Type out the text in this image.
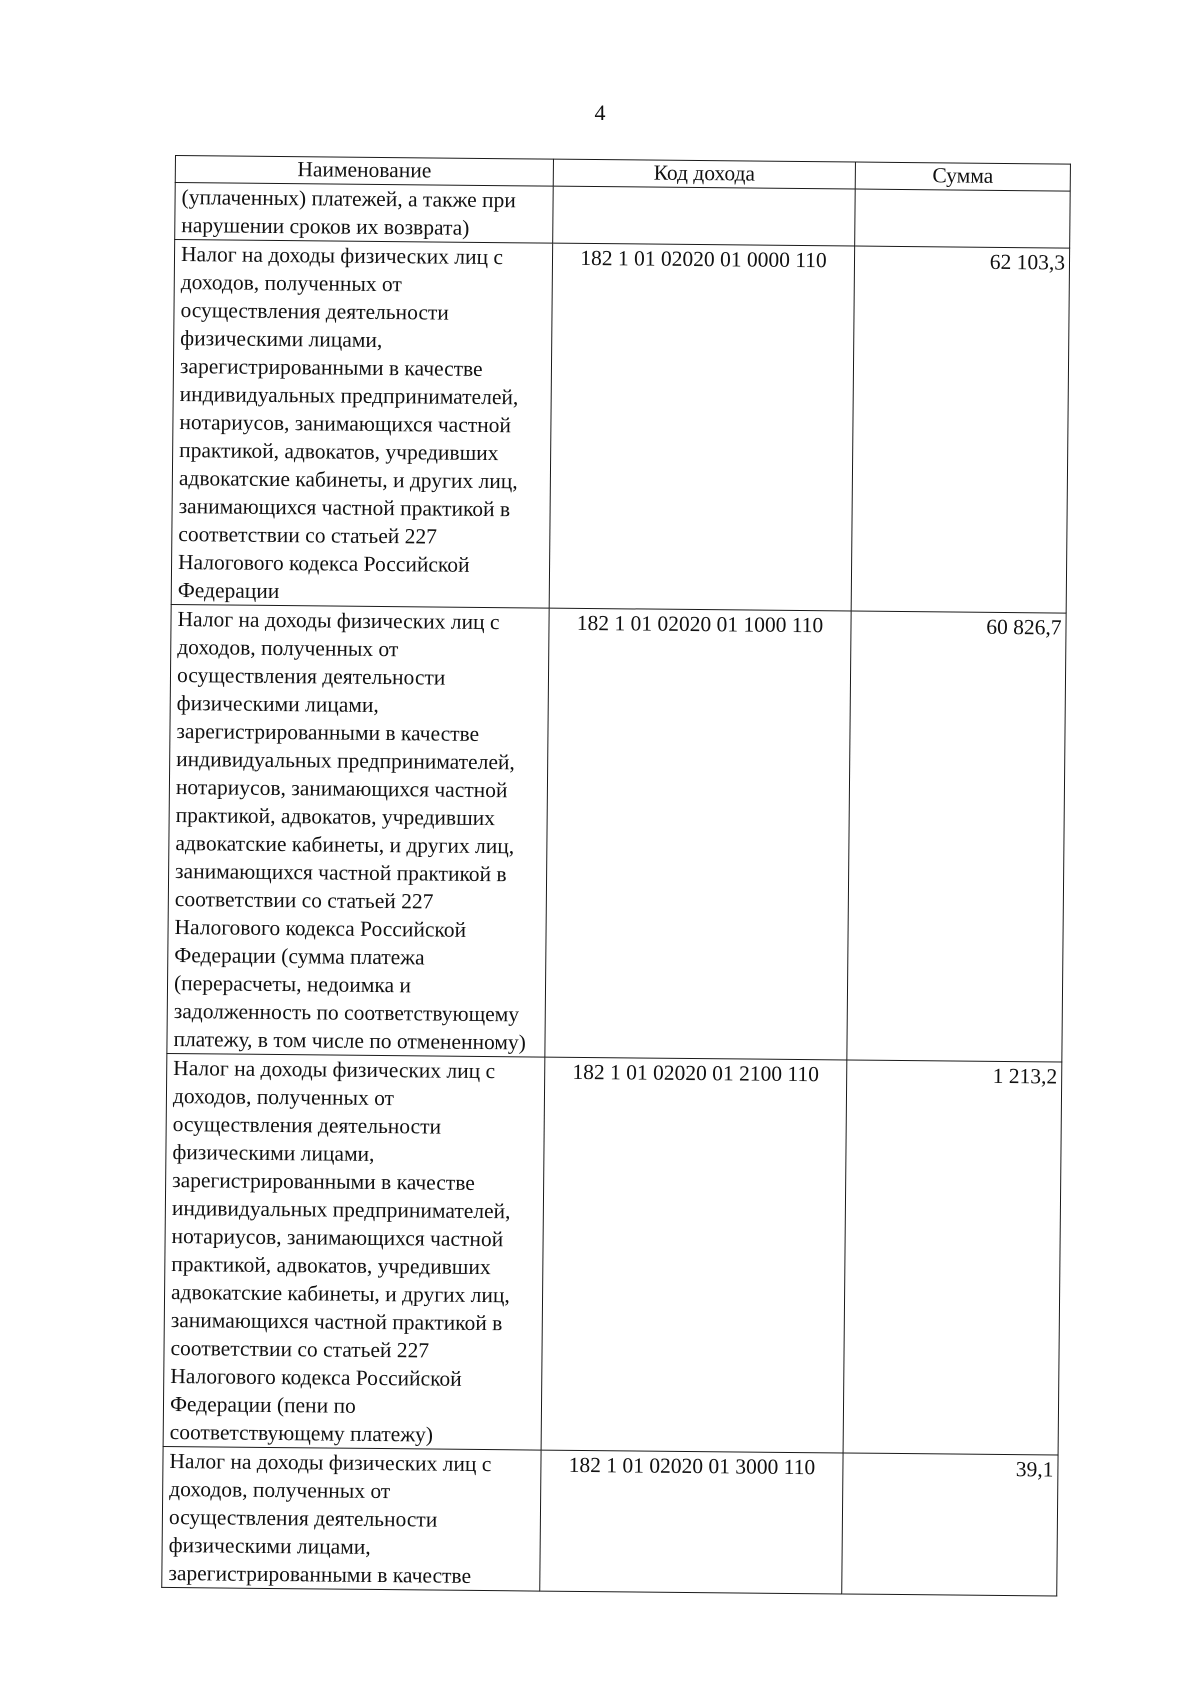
4
Наименование	Код дохода	Сумма
(уплаченных) платежей, а также при нарушении сроков их возврата)		
Налог на доходы физических лиц с доходов, полученных от осуществления деятельности физическими лицами, зарегистрированными в качестве индивидуальных предпринимателей, нотариусов, занимающихся частной практикой, адвокатов, учредивших адвокатские кабинеты, и других лиц, занимающихся частной практикой в соответствии со статьей 227 Налогового кодекса Российской Федерации	182 1 01 02020 01 0000 110	62 103,3
Налог на доходы физических лиц с доходов, полученных от осуществления деятельности физическими лицами, зарегистрированными в качестве индивидуальных предпринимателей, нотариусов, занимающихся частной практикой, адвокатов, учредивших адвокатские кабинеты, и других лиц, занимающихся частной практикой в соответствии со статьей 227 Налогового кодекса Российской Федерации (сумма платежа (перерасчеты, недоимка и задолженность по соответствующему платежу, в том числе по отмененному)	182 1 01 02020 01 1000 110	60 826,7
Налог на доходы физических лиц с доходов, полученных от осуществления деятельности физическими лицами, зарегистрированными в качестве индивидуальных предпринимателей, нотариусов, занимающихся частной практикой, адвокатов, учредивших адвокатские кабинеты, и других лиц, занимающихся частной практикой в соответствии со статьей 227 Налогового кодекса Российской Федерации (пени по соответствующему платежу)	182 1 01 02020 01 2100 110	1 213,2
Налог на доходы физических лиц с доходов, полученных от осуществления деятельности физическими лицами, зарегистрированными в качестве	182 1 01 02020 01 3000 110	39,1
